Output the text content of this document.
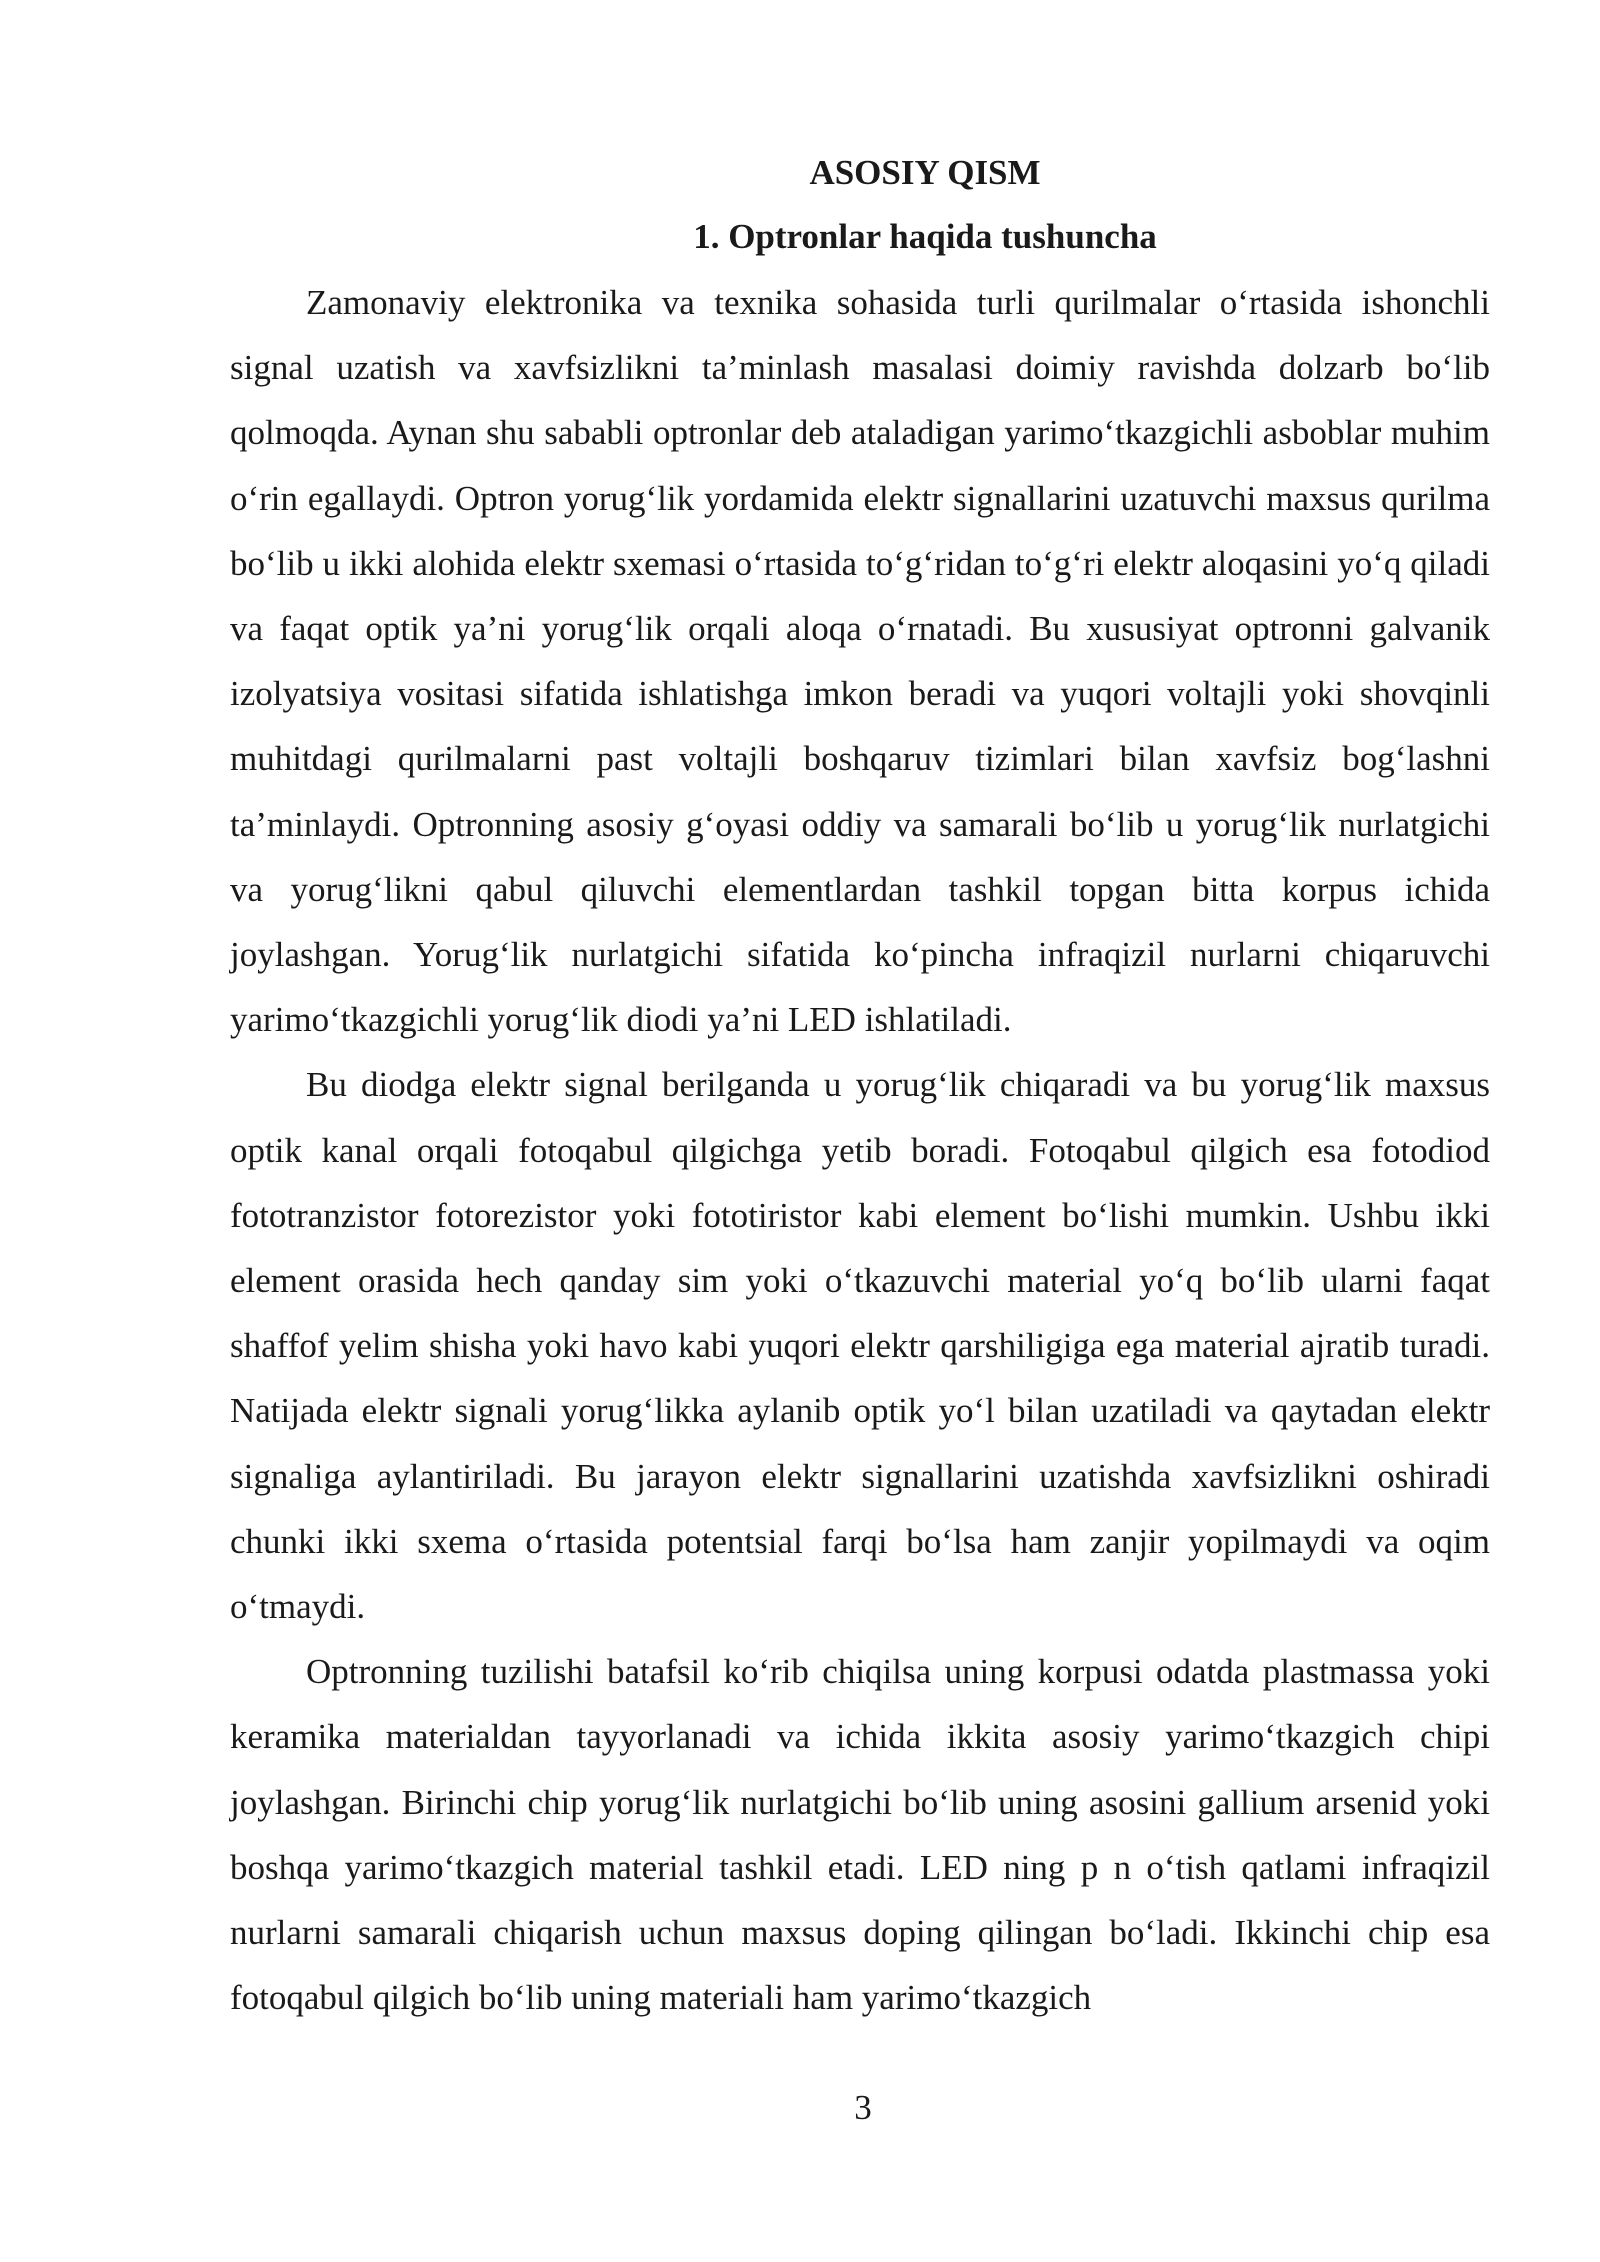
ASOSIY QISM

1. Optronlar haqida tushuncha

Zamonaviy elektronika va texnika sohasida turli qurilmalar o‘rtasida ishonchli signal uzatish va xavfsizlikni ta’minlash masalasi doimiy ravishda dolzarb bo‘lib qolmoqda. Aynan shu sababli optronlar deb ataladigan yarimo‘tkazgichli asboblar muhim o‘rin egallaydi. Optron yorug‘lik yordamida elektr signallarini uzatuvchi maxsus qurilma bo‘lib u ikki alohida elektr sxemasi o‘rtasida to‘g‘ridan to‘g‘ri elektr aloqasini yo‘q qiladi va faqat optik ya’ni yorug‘lik orqali aloqa o‘rnatadi. Bu xususiyat optronni galvanik izolyatsiya vositasi sifatida ishlatishga imkon beradi va yuqori voltajli yoki shovqinli muhitdagi qurilmalarni past voltajli boshqaruv tizimlari bilan xavfsiz bog‘lashni ta’minlaydi. Optronning asosiy g‘oyasi oddiy va samarali bo‘lib u yorug‘lik nurlatgichi va yorug‘likni qabul qiluvchi elementlardan tashkil topgan bitta korpus ichida joylashgan. Yorug‘lik nurlatgichi sifatida ko‘pincha infraqizil nurlarni chiqaruvchi yarimo‘tkazgichli yorug‘lik diodi ya’ni LED ishlatiladi.

Bu diodga elektr signal berilganda u yorug‘lik chiqaradi va bu yorug‘lik maxsus optik kanal orqali fotoqabul qilgichga yetib boradi. Fotoqabul qilgich esa fotodiod fototranzistor fotorezistor yoki fototiristor kabi element bo‘lishi mumkin. Ushbu ikki element orasida hech qanday sim yoki o‘tkazuvchi material yo‘q bo‘lib ularni faqat shaffof yelim shisha yoki havo kabi yuqori elektr qarshiligiga ega material ajratib turadi. Natijada elektr signali yorug‘likka aylanib optik yo‘l bilan uzatiladi va qaytadan elektr signaliga aylantiriladi. Bu jarayon elektr signallarini uzatishda xavfsizlikni oshiradi chunki ikki sxema o‘rtasida potentsial farqi bo‘lsa ham zanjir yopilmaydi va oqim o‘tmaydi.

Optronning tuzilishi batafsil ko‘rib chiqilsa uning korpusi odatda plastmassa yoki keramika materialdan tayyorlanadi va ichida ikkita asosiy yarimo‘tkazgich chipi joylashgan. Birinchi chip yorug‘lik nurlatgichi bo‘lib uning asosini gallium arsenid yoki boshqa yarimo‘tkazgich material tashkil etadi. LED ning p n o‘tish qatlami infraqizil nurlarni samarali chiqarish uchun maxsus doping qilingan bo‘ladi. Ikkinchi chip esa fotoqabul qilgich bo‘lib uning materiali ham yarimo‘tkazgich

3
